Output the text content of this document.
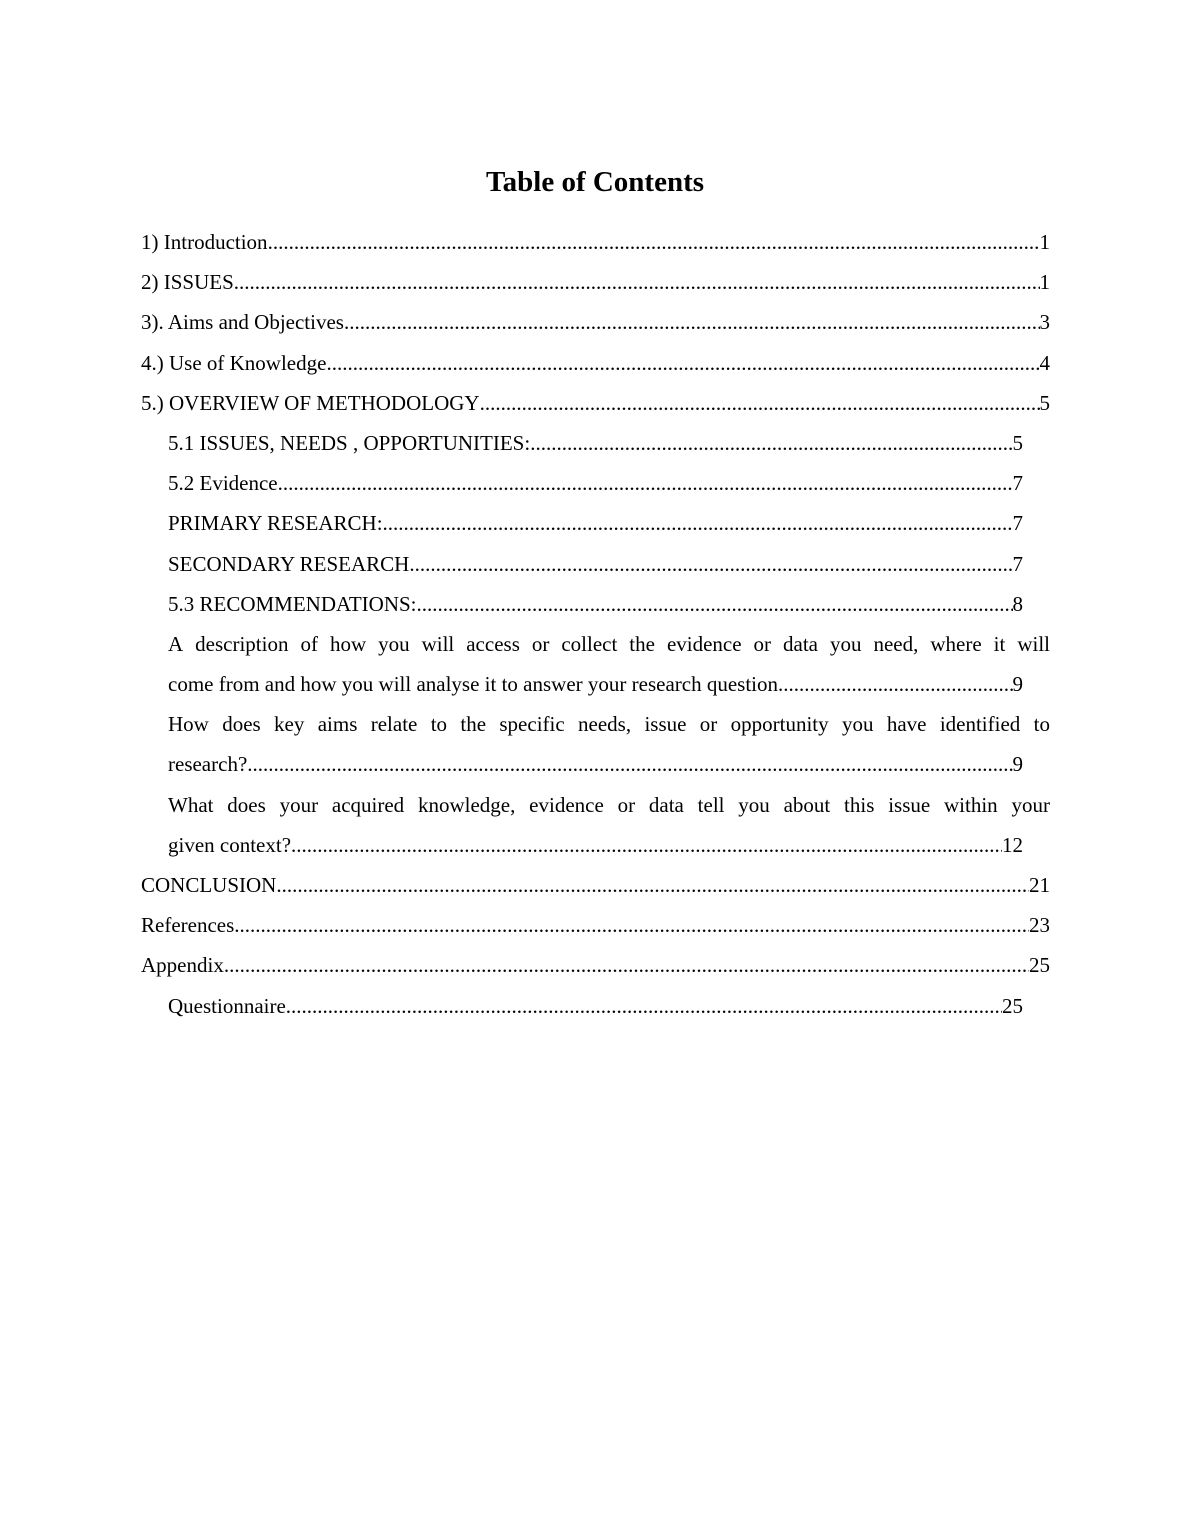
Table of Contents
1) Introduction .....	1
2) ISSUES .....	1
3). Aims and Objectives .....	3
4.) Use of Knowledge .....	4
5.) OVERVIEW OF METHODOLOGY .....	5
5.1 ISSUES, NEEDS , OPPORTUNITIES: .....	5
5.2 Evidence .....	7
PRIMARY RESEARCH: .....	7
SECONDARY RESEARCH .....	7
5.3 RECOMMENDATIONS: .....	8
A description of how you will access or collect the evidence or data you need, where it will
come from and how you will analyse it to answer your research question .....	9
How does key aims relate to the specific needs, issue or opportunity you have identified to
research? .....	9
What does your acquired knowledge, evidence or data tell you about this issue within your
given context? .....	12
CONCLUSION .....	21
References .....	23
Appendix .....	25
Questionnaire .....	25
